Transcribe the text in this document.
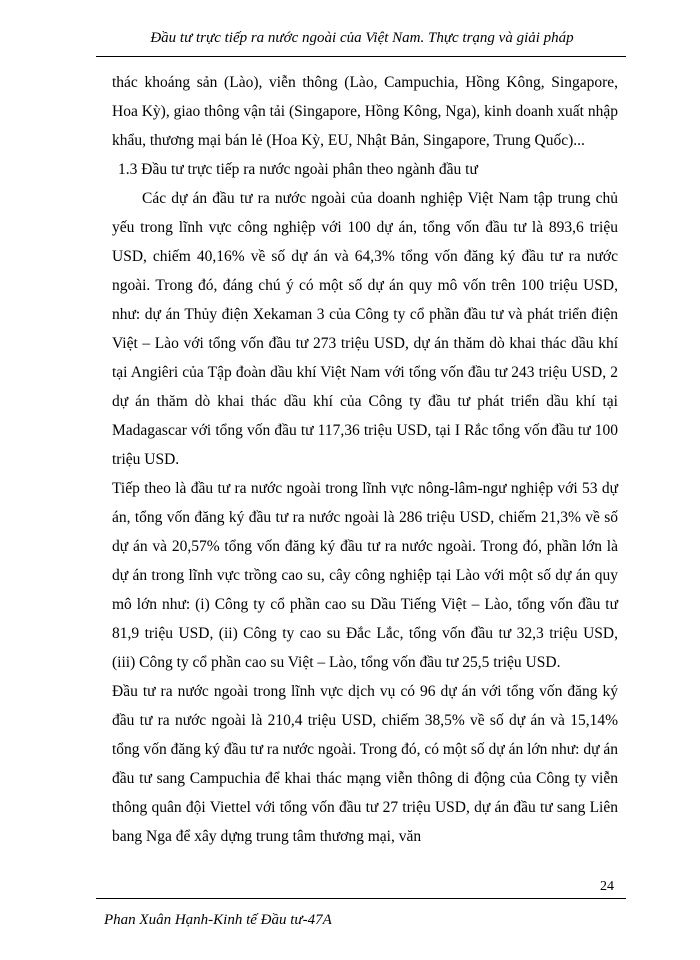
Đầu tư trực tiếp ra nước ngoài của Việt Nam. Thực trạng và giải pháp

thác khoáng sản (Lào), viễn thông (Lào, Campuchia, Hồng Kông, Singapore, Hoa Kỳ), giao thông vận tải (Singapore, Hồng Kông, Nga), kinh doanh xuất nhập khẩu, thương mại bán lẻ (Hoa Kỳ, EU, Nhật Bản, Singapore, Trung Quốc)...

1.3 Đầu tư trực tiếp ra nước ngoài phân theo ngành đầu tư

Các dự án đầu tư ra nước ngoài của doanh nghiệp Việt Nam tập trung chủ yếu trong lĩnh vực công nghiệp với 100 dự án, tổng vốn đầu tư là 893,6 triệu USD, chiếm 40,16% về số dự án và 64,3% tổng vốn đăng ký đầu tư ra nước ngoài. Trong đó, đáng chú ý có một số dự án quy mô vốn trên 100 triệu USD, như: dự án Thủy điện Xekaman 3 của Công ty cổ phần đầu tư và phát triển điện Việt – Lào với tổng vốn đầu tư 273 triệu USD, dự án thăm dò khai thác dầu khí tại Angiêri của Tập đoàn dầu khí Việt Nam với tổng vốn đầu tư 243 triệu USD, 2 dự án thăm dò khai thác dầu khí của Công ty đầu tư phát triển dầu khí tại Madagascar với tổng vốn đầu tư 117,36 triệu USD, tại I Rắc tổng vốn đầu tư 100 triệu USD.

Tiếp theo là đầu tư ra nước ngoài trong lĩnh vực nông-lâm-ngư nghiệp với 53 dự án, tổng vốn đăng ký đầu tư ra nước ngoài là 286 triệu USD, chiếm 21,3% về số dự án và 20,57% tổng vốn đăng ký đầu tư ra nước ngoài. Trong đó, phần lớn là dự án trong lĩnh vực trồng cao su, cây công nghiệp tại Lào với một số dự án quy mô lớn như: (i) Công ty cổ phần cao su Dầu Tiếng Việt – Lào, tổng vốn đầu tư 81,9 triệu USD, (ii) Công ty cao su Đắc Lắc, tổng vốn đầu tư 32,3 triệu USD, (iii) Công ty cổ phần cao su Việt – Lào, tổng vốn đầu tư 25,5 triệu USD.

Đầu tư ra nước ngoài trong lĩnh vực dịch vụ có 96 dự án với tổng vốn đăng ký đầu tư ra nước ngoài là 210,4 triệu USD, chiếm 38,5% về số dự án và 15,14% tổng vốn đăng ký đầu tư ra nước ngoài. Trong đó, có một số dự án lớn như: dự án đầu tư sang Campuchia để khai thác mạng viễn thông di động của Công ty viễn thông quân đội Viettel với tổng vốn đầu tư 27 triệu USD, dự án đầu tư sang Liên bang Nga để xây dựng trung tâm thương mại, văn

24
Phan Xuân Hạnh-Kinh tế Đầu tư-47A
